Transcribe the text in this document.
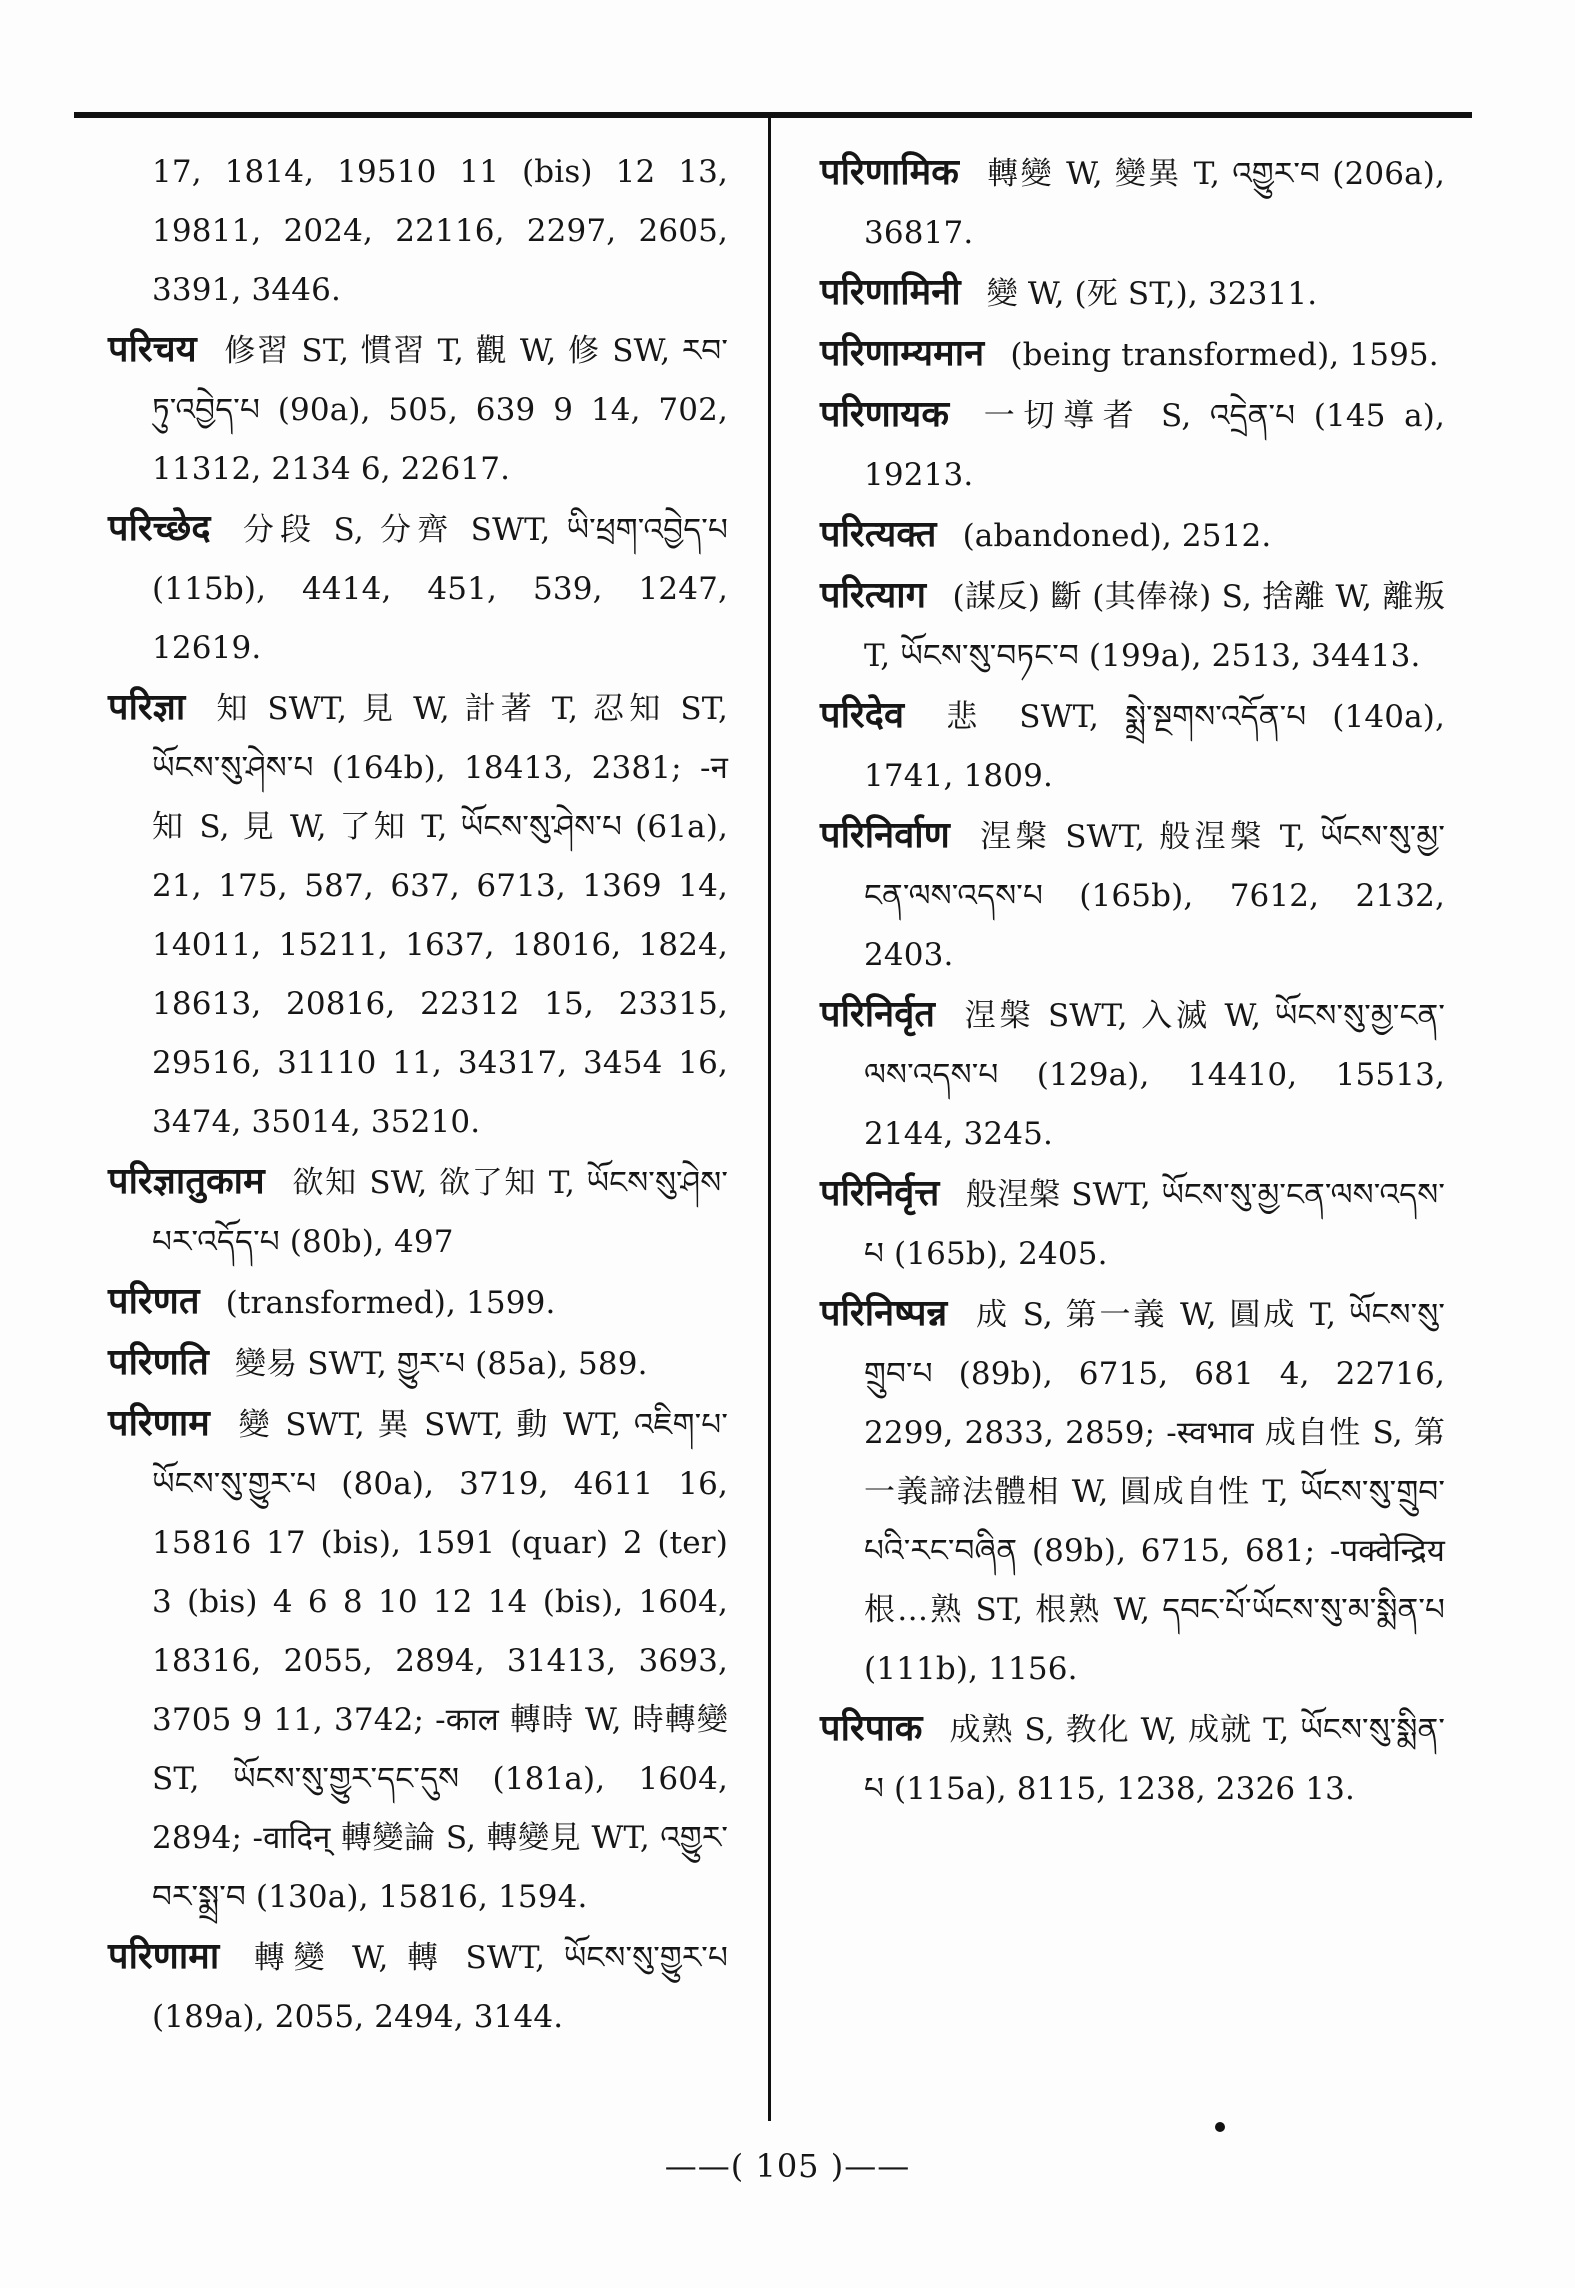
17, 1814, 19510 11 (bis) 12 13, 19811, 2024, 22116, 2297, 2605, 3391, 3446.

परिचय 修習 ST, 慣習 T, 觀 W, 修 SW, རབ་ཏུ་འབྱེད་པ (90a), 505, 639 9 14, 702, 11312, 2134 6, 22617.

परिच्छेद 分段 S, 分齊 SWT, ཡི་ཕྲག་འབྱེད་པ (115b), 4414, 451, 539, 1247, 12619.

परिज्ञा 知 SWT, 見 W, 計著 T, 忍知 ST, ཡོངས་སུ་ཤེས་པ (164b), 18413, 2381; -न 知 S, 見 W, 了知 T, ཡོངས་སུ་ཤེས་པ (61a), 21, 175, 587, 637, 6713, 1369 14, 14011, 15211, 1637, 18016, 1824, 18613, 20816, 22312 15, 23315, 29516, 31110 11, 34317, 3454 16, 3474, 35014, 35210.

परिज्ञातुकाम 欲知 SW, 欲了知 T, ཡོངས་སུ་ཤེས་པར་འདོད་པ (80b), 497

परिणत (transformed), 1599.

परिणति 變易 SWT, གྱུར་པ (85a), 589.

परिणाम 變 SWT, 異 SWT, 動 WT, འཇིག་པ་ཡོངས་སུ་གྱུར་པ (80a), 3719, 4611 16, 15816 17 (bis), 1591 (quar) 2 (ter) 3 (bis) 4 6 8 10 12 14 (bis), 1604, 18316, 2055, 2894, 31413, 3693, 3705 9 11, 3742; -काल 轉時 W, 時轉變 ST, ཡོངས་སུ་གྱུར་དང་དུས (181a), 1604, 2894; -वादिन् 轉變論 S, 轉變見 WT, འགྱུར་བར་སྨྲ་བ (130a), 15816, 1594.

परिणामा 轉變 W, 轉 SWT, ཡོངས་སུ་གྱུར་པ (189a), 2055, 2494, 3144.

परिणामिक 轉變 W, 變異 T, འགྱུར་བ (206a), 36817.

परिणामिनी 變 W, (死 ST,), 32311.

परिणाम्यमान (being transformed), 1595.

परिणायक 一切導者 S, འདྲེན་པ (145 a), 19213.

परित्यक्त (abandoned), 2512.

परित्याग (謀反) 斷 (其俸祿) S, 捨離 W, 離叛 T, ཡོངས་སུ་བཏང་བ (199a), 2513, 34413.

परिदेव 悲 SWT, སྨྲེ་སྔགས་འདོན་པ (140a), 1741, 1809.

परिनिर्वाण 涅槃 SWT, 般涅槃 T, ཡོངས་སུ་མྱ་ངན་ལས་འདས་པ (165b), 7612, 2132, 2403.

परिनिर्वृत 涅槃 SWT, 入滅 W, ཡོངས་སུ་མྱ་ངན་ལས་འདས་པ (129a), 14410, 15513, 2144, 3245.

परिनिर्वृत्त 般涅槃 SWT, ཡོངས་སུ་མྱ་ངན་ལས་འདས་པ (165b), 2405.

परिनिष्पन्न 成 S, 第一義 W, 圓成 T, ཡོངས་སུ་གྲུབ་པ (89b), 6715, 681 4, 22716, 2299, 2833, 2859; -स्वभाव 成自性 S, 第一義諦法體相 W, 圓成自性 T, ཡོངས་སུ་གྲུབ་པའི་རང་བཞིན (89b), 6715, 681; -पक्वेन्द्रिय 根…熟 ST, 根熟 W, དབང་པོ་ཡོངས་སུ་མ་སྨིན་པ (111b), 1156.

परिपाक 成熟 S, 教化 W, 成就 T, ཡོངས་སུ་སྨིན་པ (115a), 8115, 1238, 2326 13.

——( 105 )——
